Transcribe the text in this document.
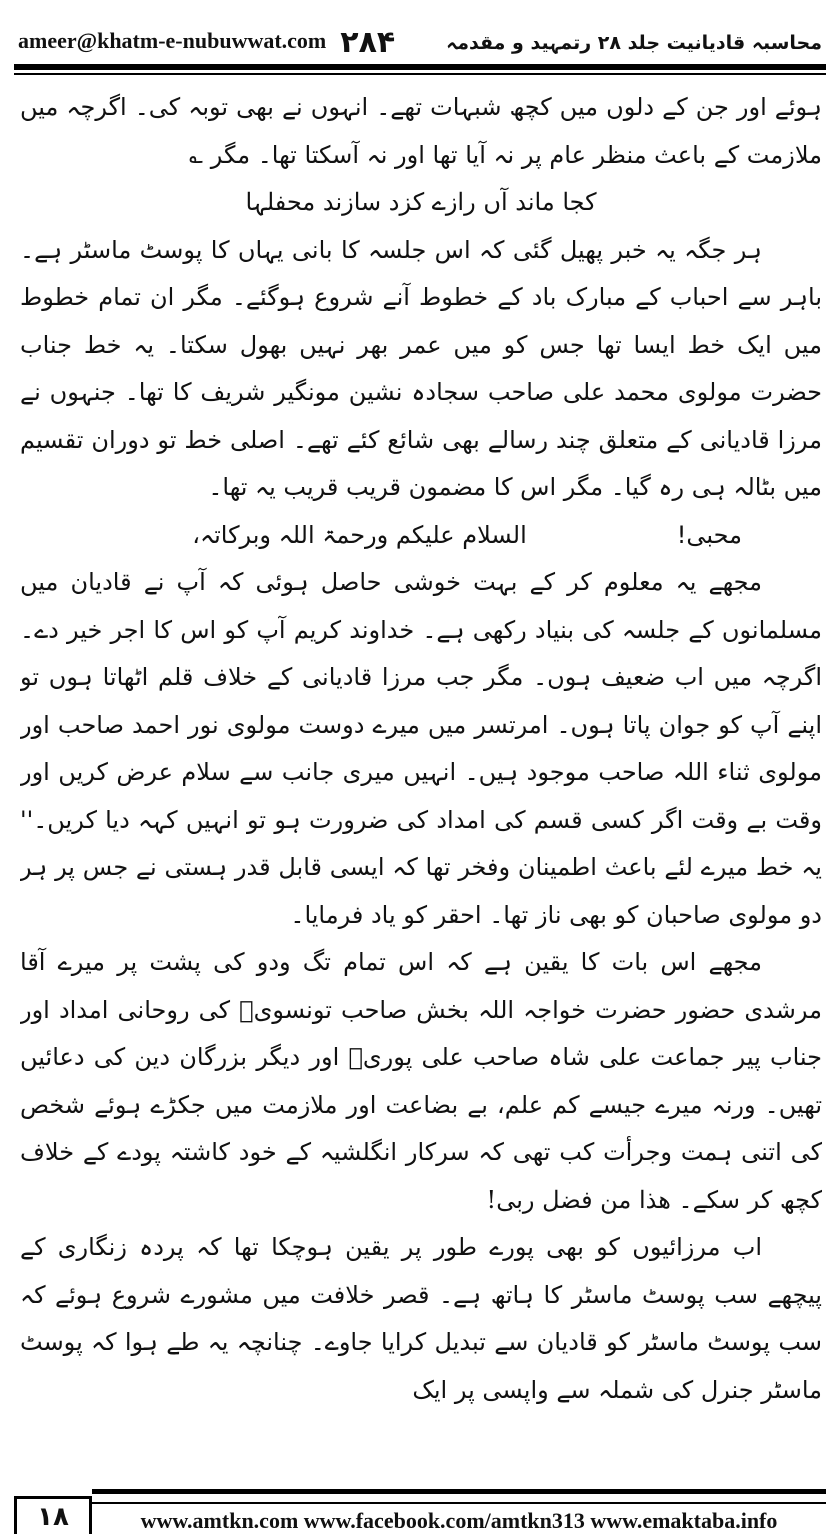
ameer@khatm-e-nubuwwat.com ۲۸۴	محاسبہ قادیانیت جلد ۲۸ رتمہید و مقدمہ

ہوئے اور جن کے دلوں میں کچھ شبہات تھے۔ انہوں نے بھی توبہ کی۔ اگرچہ میں ملازمت کے باعث منظر عام پر نہ آیا تھا اور نہ آسکتا تھا۔ مگر ؎

کجا ماند آں رازے کزد سازند محفلہا

ہر جگہ یہ خبر پھیل گئی کہ اس جلسہ کا بانی یہاں کا پوسٹ ماسٹر ہے۔ باہر سے احباب کے مبارک باد کے خطوط آنے شروع ہوگئے۔ مگر ان تمام خطوط میں ایک خط ایسا تھا جس کو میں عمر بھر نہیں بھول سکتا۔ یہ خط جناب حضرت مولوی محمد علی صاحب سجادہ نشین مونگیر شریف کا تھا۔ جنہوں نے مرزا قادیانی کے متعلق چند رسالے بھی شائع کئے تھے۔ اصلی خط تو دوران تقسیم میں بٹالہ ہی رہ گیا۔ مگر اس کا مضمون قریب قریب یہ تھا۔

محبی!
السلام علیکم ورحمۃ اللہ وبرکاتہ،

مجھے یہ معلوم کر کے بہت خوشی حاصل ہوئی کہ آپ نے قادیان میں مسلمانوں کے جلسہ کی بنیاد رکھی ہے۔ خداوند کریم آپ کو اس کا اجر خیر دے۔ اگرچہ میں اب ضعیف ہوں۔ مگر جب مرزا قادیانی کے خلاف قلم اٹھاتا ہوں تو اپنے آپ کو جوان پاتا ہوں۔ امرتسر میں میرے دوست مولوی نور احمد صاحب اور مولوی ثناء اللہ صاحب موجود ہیں۔ انہیں میری جانب سے سلام عرض کریں اور وقت بے وقت اگر کسی قسم کی امداد کی ضرورت ہو تو انہیں کہہ دیا کریں۔'' یہ خط میرے لئے باعث اطمینان وفخر تھا کہ ایسی قابل قدر ہستی نے جس پر ہر دو مولوی صاحبان کو بھی ناز تھا۔ احقر کو یاد فرمایا۔

مجھے اس بات کا یقین ہے کہ اس تمام تگ ودو کی پشت پر میرے آقا مرشدی حضور حضرت خواجہ اللہ بخش صاحب تونسویؒ کی روحانی امداد اور جناب پیر جماعت علی شاہ صاحب علی پوریؒ اور دیگر بزرگان دین کی دعائیں تھیں۔ ورنہ میرے جیسے کم علم، بے بضاعت اور ملازمت میں جکڑے ہوئے شخص کی اتنی ہمت وجرأت کب تھی کہ سرکار انگلشیہ کے خود کاشتہ پودے کے خلاف کچھ کر سکے۔ ھذا من فضل ربی!

اب مرزائیوں کو بھی پورے طور پر یقین ہوچکا تھا کہ پردہ زنگاری کے پیچھے سب پوسٹ ماسٹر کا ہاتھ ہے۔ قصر خلافت میں مشورے شروع ہوئے کہ سب پوسٹ ماسٹر کو قادیان سے تبدیل کرایا جاوے۔ چنانچہ یہ طے ہوا کہ پوسٹ ماسٹر جنرل کی شملہ سے واپسی پر ایک

١٨	www.amtkn.com www.facebook.com/amtkn313 www.emaktaba.info
